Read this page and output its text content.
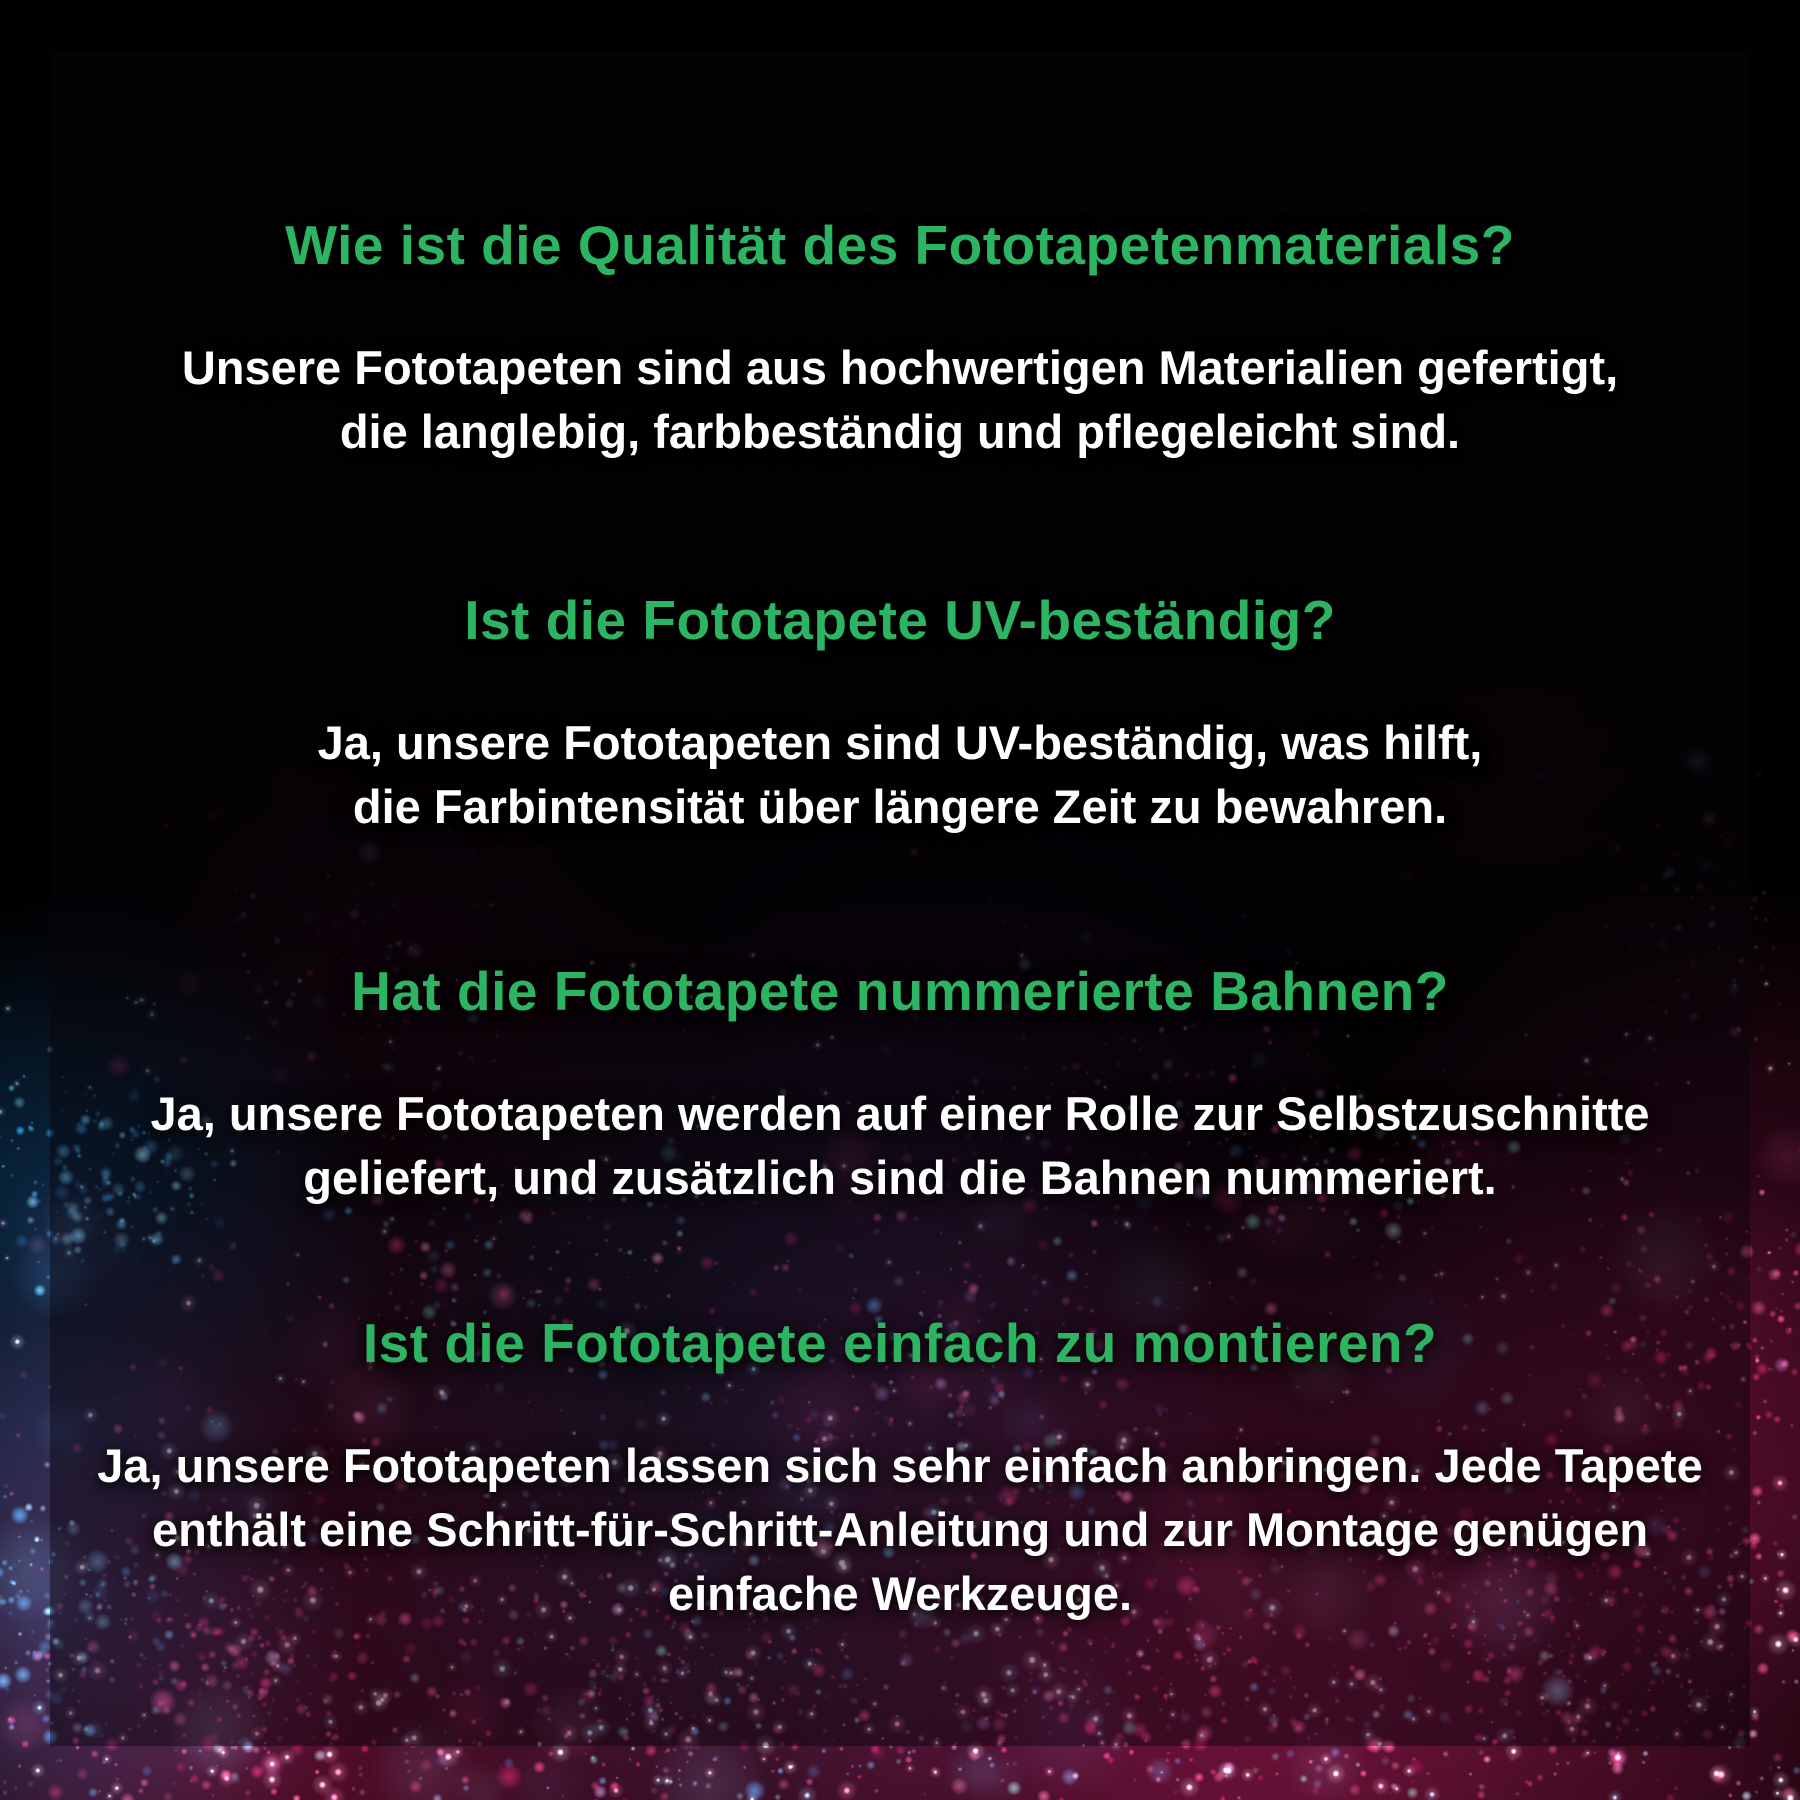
Wie ist die Qualität des Fototapetenmaterials?
Unsere Fototapeten sind aus hochwertigen Materialien gefertigt,
die langlebig, farbbeständig und pflegeleicht sind.
Ist die Fototapete UV-beständig?
Ja, unsere Fototapeten sind UV-beständig, was hilft,
die Farbintensität über längere Zeit zu bewahren.
Hat die Fototapete nummerierte Bahnen?
Ja, unsere Fototapeten werden auf einer Rolle zur Selbstzuschnitte
geliefert, und zusätzlich sind die Bahnen nummeriert.
Ist die Fototapete einfach zu montieren?
Ja, unsere Fototapeten lassen sich sehr einfach anbringen. Jede Tapete
enthält eine Schritt-für-Schritt-Anleitung und zur Montage genügen
einfache Werkzeuge.
